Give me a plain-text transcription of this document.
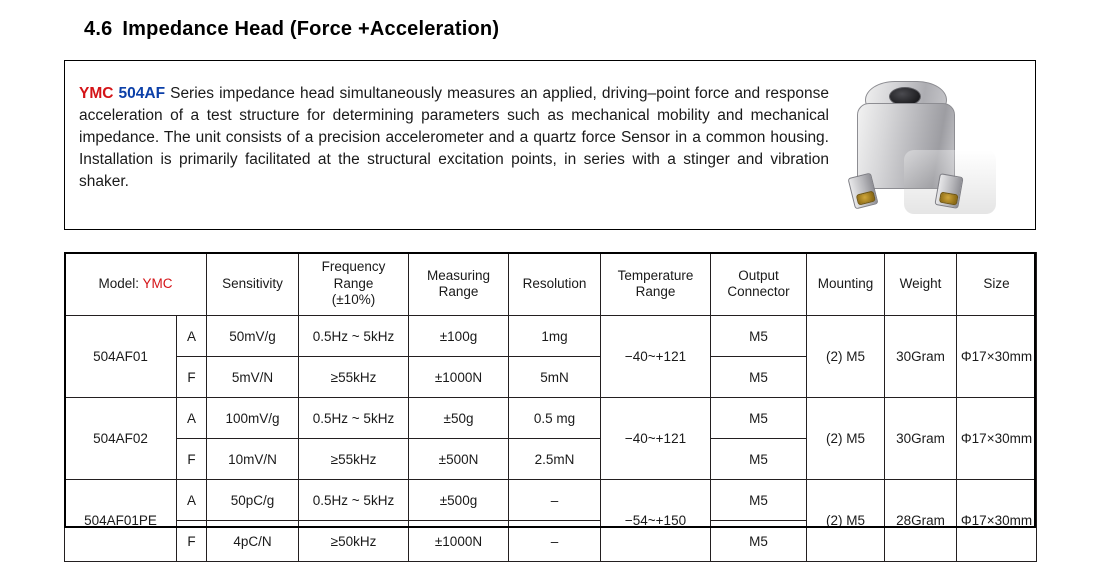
4.6 Impedance Head (Force +Acceleration)
YMC 504AF Series impedance head simultaneously measures an applied, driving–point force and response acceleration of a test structure for determining parameters such as mechanical mobility and mechanical impedance. The unit consists of a precision accelerometer and a quartz force Sensor in a common housing. Installation is primarily facilitated at the structural excitation points, in series with a stinger and vibration shaker.
Model: YMC		Sensitivity	Frequency
Range
(±10%)	Measuring
Range	Resolution	Temperature
Range	Output
Connector	Mounting	Weight	Size
504AF01	A	50mV/g	0.5Hz ~ 5kHz	±100g	1mg	−40~+121	M5	(2) M5	30Gram	Φ17×30mm
	F	5mV/N	≥55kHz	±1000N	5mN		M5			
504AF02	A	100mV/g	0.5Hz ~ 5kHz	±50g	0.5 mg	−40~+121	M5	(2) M5	30Gram	Φ17×30mm
	F	10mV/N	≥55kHz	±500N	2.5mN		M5			
504AF01PE	A	50pC/g	0.5Hz ~ 5kHz	±500g	–	−54~+150	M5	(2) M5	28Gram	Φ17×30mm
	F	4pC/N	≥50kHz	±1000N	–		M5			
